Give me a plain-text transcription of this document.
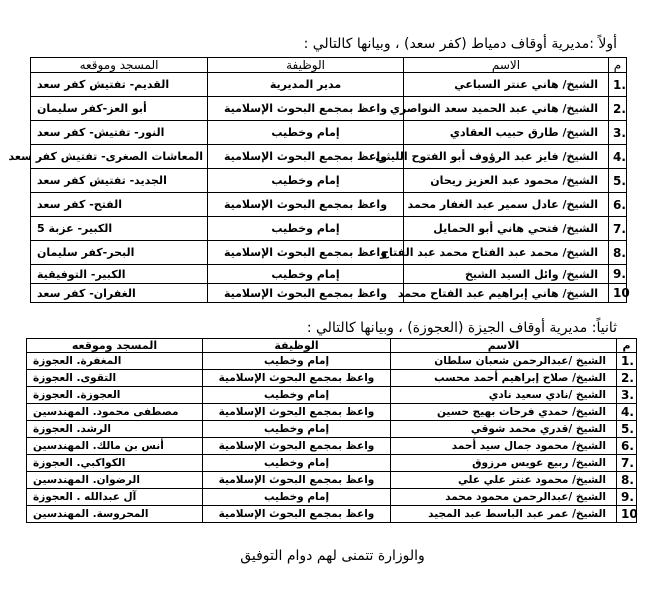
أولاً :مديرية أوقاف دمياط (كفر سعد) ، وبيانها كالتالي :
م	الاسم	الوظيفة	المسجد وموقعه
1.	الشيخ/ هاني عنتر السباعي	مدير المديرية	القديم- تفتيش كفر سعد
2.	الشيخ/ هاني عبد الحميد سعد النواصري	واعظ بمجمع البحوث الإسلامية	أبو العز-كفر سليمان
3.	الشيخ/ طارق حبيب العقادي	إمام وخطيب	النور- تفتيش- كفر سعد
4.	الشيخ/ فايز عبد الرؤوف أبو الفتوح الليثي	واعظ بمجمع البحوث الإسلامية	المعاشات الصغرى- تفتيش كفر سعد
5.	الشيخ/ محمود عبد العزيز ريحان	إمام وخطيب	الجديد- تفتيش كفر سعد
6.	الشيخ/ عادل سمير عبد الغفار محمد	واعظ بمجمع البحوث الإسلامية	الفتح- كفر سعد
7.	الشيخ/ فتحي هاني أبو الحمايل	إمام وخطيب	الكبير- عزبة 5
8.	الشيخ/ محمد عبد الفتاح محمد عبد الفتاح	واعظ بمجمع البحوث الإسلامية	البحر-كفر سليمان
9.	الشيخ/ وائل السيد الشيخ	إمام وخطيب	الكبير- التوفيقية
10	الشيخ/ هاني إبراهيم عبد الفتاح محمد	واعظ بمجمع البحوث الإسلامية	الغفران- كفر سعد
ثانياً: مديرية أوقاف الجيزة (العجوزة) ، وبيانها كالتالي :
م	الاسم	الوظيفة	المسجد وموقعه
1.	الشيخ /عبدالرحمن شعبان سلطان	إمام وخطيب	المغفرة. العجوزة
2.	الشيخ/ صلاح إبراهيم أحمد محسب	واعظ بمجمع البحوث الإسلامية	التقوى. العجوزة
3.	الشيخ /نادي سعيد نادي	إمام وخطيب	العجوزة. العجوزة
4.	الشيخ/ حمدي فرحات بهيج حسين	واعظ بمجمع البحوث الإسلامية	مصطفى محمود. المهندسين
5.	الشيخ /قدري محمد شوقي	إمام وخطيب	الرشد. العجوزة
6.	الشيخ/ محمود جمال سيد أحمد	واعظ بمجمع البحوث الإسلامية	أنس بن مالك. المهندسين
7.	الشيخ/ ربيع عويس مرزوق	إمام وخطيب	الكواكبي. العجوزة
8.	الشيخ/ محمود عنتر علي علي	واعظ بمجمع البحوث الإسلامية	الرضوان. المهندسين
9.	الشيخ /عبدالرحمن محمود محمد	إمام وخطيب	آل عبدالله . العجوزة
10	الشيخ/ عمر عبد الباسط عبد المجيد	واعظ بمجمع البحوث الإسلامية	المحروسة. المهندسين
والوزارة تتمنى لهم دوام التوفيق
